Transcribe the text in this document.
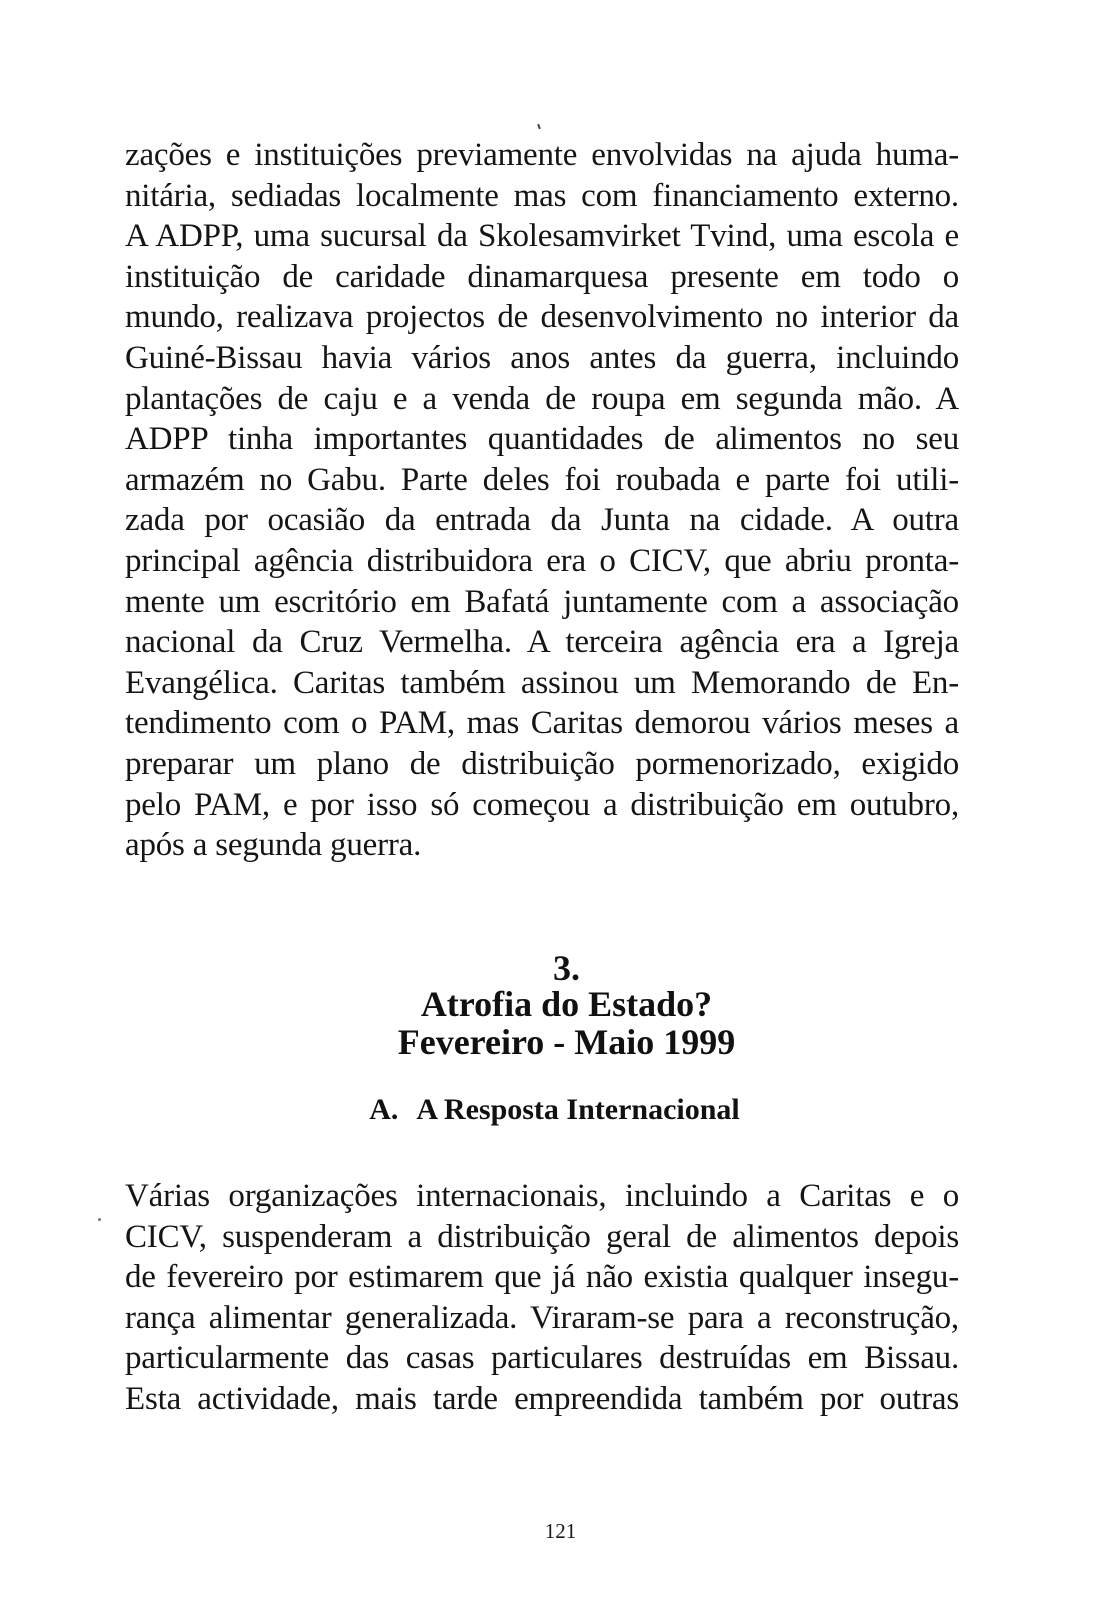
zações e instituições previamente envolvidas na ajuda huma-
nitária, sediadas localmente mas com financiamento externo.
A ADPP, uma sucursal da Skolesamvirket Tvind, uma escola e
instituição de caridade dinamarquesa presente em todo o
mundo, realizava projectos de desenvolvimento no interior da
Guiné-Bissau havia vários anos antes da guerra, incluindo
plantações de caju e a venda de roupa em segunda mão. A
ADPP tinha importantes quantidades de alimentos no seu
armazém no Gabu. Parte deles foi roubada e parte foi utili-
zada por ocasião da entrada da Junta na cidade. A outra
principal agência distribuidora era o CICV, que abriu pronta-
mente um escritório em Bafatá juntamente com a associação
nacional da Cruz Vermelha. A terceira agência era a Igreja
Evangélica. Caritas também assinou um Memorando de En-
tendimento com o PAM, mas Caritas demorou vários meses a
preparar um plano de distribuição pormenorizado, exigido
pelo PAM, e por isso só começou a distribuição em outubro,
após a segunda guerra.
3.
Atrofia do Estado?
Fevereiro - Maio 1999
A. A Resposta Internacional
Várias organizações internacionais, incluindo a Caritas e o
CICV, suspenderam a distribuição geral de alimentos depois
de fevereiro por estimarem que já não existia qualquer insegu-
rança alimentar generalizada. Viraram-se para a reconstrução,
particularmente das casas particulares destruídas em Bissau.
Esta actividade, mais tarde empreendida também por outras
121
